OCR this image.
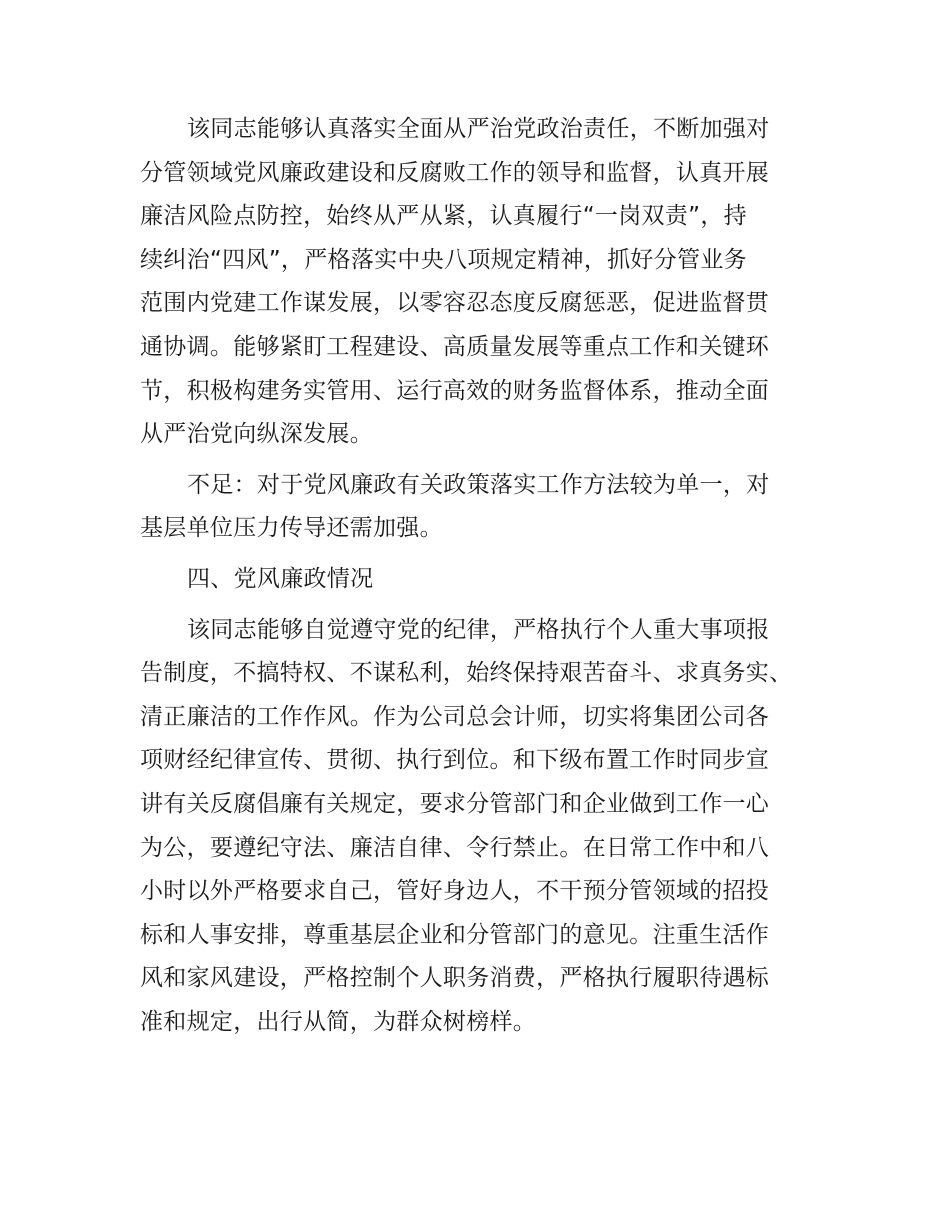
该同志能够认真落实全面从严治党政治责任，不断加强对
分管领域党风廉政建设和反腐败工作的领导和监督，认真开展
廉洁风险点防控，始终从严从紧，认真履行“一岗双责”，持
续纠治“四风”，严格落实中央八项规定精神，抓好分管业务
范围内党建工作谋发展，以零容忍态度反腐惩恶，促进监督贯
通协调。能够紧盯工程建设、高质量发展等重点工作和关键环
节，积极构建务实管用、运行高效的财务监督体系，推动全面
从严治党向纵深发展。
不足：对于党风廉政有关政策落实工作方法较为单一，对
基层单位压力传导还需加强。
四、党风廉政情况
该同志能够自觉遵守党的纪律，严格执行个人重大事项报
告制度，不搞特权、不谋私利，始终保持艰苦奋斗、求真务实、
清正廉洁的工作作风。作为公司总会计师，切实将集团公司各
项财经纪律宣传、贯彻、执行到位。和下级布置工作时同步宣
讲有关反腐倡廉有关规定，要求分管部门和企业做到工作一心
为公，要遵纪守法、廉洁自律、令行禁止。在日常工作中和八
小时以外严格要求自己，管好身边人，不干预分管领域的招投
标和人事安排，尊重基层企业和分管部门的意见。注重生活作
风和家风建设，严格控制个人职务消费，严格执行履职待遇标
准和规定，出行从简，为群众树榜样。
